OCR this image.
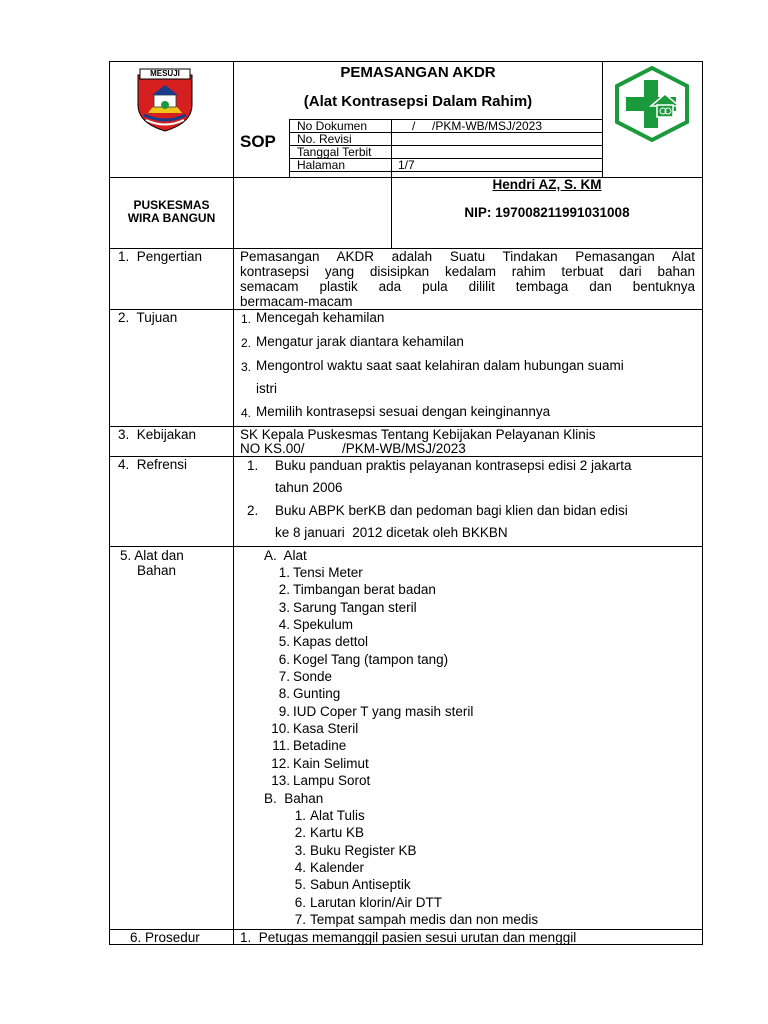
MESUJI	PEMASANGAN AKDR
(Alat Kontrasepsi Dalam Rahim)
SOP
No Dokumen	/     /PKM-WB/MSJ/2023
No. Revisi
Tanggal Terbit
Halaman	1/7
PUSKESMAS
WIRA BANGUN
Hendri AZ, S. KM
NIP: 197008211991031008
1.  Pengertian	Pemasangan AKDR adalah Suatu Tindakan Pemasangan Alat
kontrasepsi yang disisipkan kedalam rahim terbuat dari bahan
semacam plastik ada pula dililit tembaga dan bentuknya
bermacam-macam
2.  Tujuan	1. Mencegah kehamilan
2. Mengatur jarak diantara kehamilan
3. Mengontrol waktu saat saat kelahiran dalam hubungan suami
istri
4. Memilih kontrasepsi sesuai dengan keinginannya
3.  Kebijakan	SK Kepala Puskesmas Tentang Kebijakan Pelayanan Klinis
NO KS.00/          /PKM-WB/MSJ/2023
4.  Refrensi	1. Buku panduan praktis pelayanan kontrasepsi edisi 2 jakarta
tahun 2006
2. Buku ABPK berKB dan pedoman bagi klien dan bidan edisi
ke 8 januari  2012 dicetak oleh BKKBN
5. Alat dan
Bahan
A.  Alat
1. Tensi Meter
2. Timbangan berat badan
3. Sarung Tangan steril
4. Spekulum
5. Kapas dettol
6. Kogel Tang (tampon tang)
7. Sonde
8. Gunting
9. IUD Coper T yang masih steril
10. Kasa Steril
11. Betadine
12. Kain Selimut
13. Lampu Sorot
B.  Bahan
1. Alat Tulis
2. Kartu KB
3. Buku Register KB
4. Kalender
5. Sabun Antiseptik
6. Larutan klorin/Air DTT
7. Tempat sampah medis dan non medis
6. Prosedur	1.  Petugas memanggil pasien sesui urutan dan menggil
